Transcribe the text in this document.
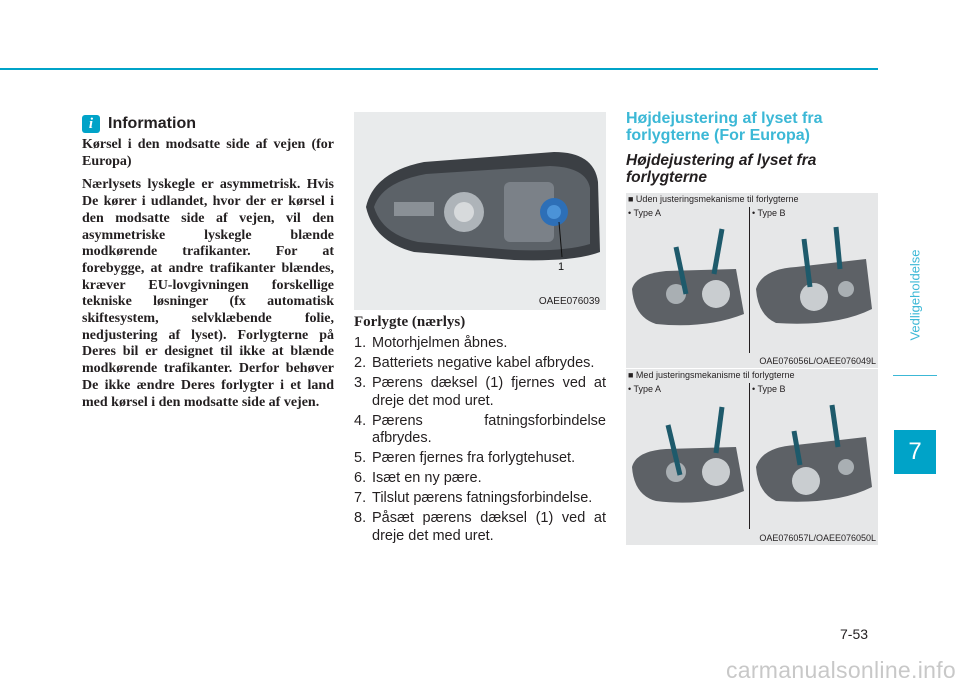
i Information

Kørsel i den modsatte side af vejen (for Europa)

Nærlysets lyskegle er asymmetrisk. Hvis De kører i udlandet, hvor der er kørsel i den modsatte side af vejen, vil den asymmetriske lyskegle blænde modkørende trafikanter. For at forebygge, at andre trafikanter blændes, kræver EU-lovgivningen forskellige tekniske løsninger (fx automatisk skiftesystem, selvklæbende folie, nedjustering af lyset). Forlygterne på Deres bil er designet til ikke at blænde modkørende trafikanter. Derfor behøver De ikke ændre Deres forlygter i et land med kørsel i den modsatte side af vejen.

1
OAEE076039
Forlygte (nærlys)
1. Motorhjelmen åbnes.
2. Batteriets negative kabel afbrydes.
3. Pærens dæksel (1) fjernes ved at dreje det mod uret.
4. Pærens fatningsforbindelse afbrydes.
5. Pæren fjernes fra forlygtehuset.
6. Isæt en ny pære.
7. Tilslut pærens fatningsforbindelse.
8. Påsæt pærens dæksel (1) ved at dreje det med uret.
Højdejustering af lyset fra forlygterne (For Europa)
Højdejustering af lyset fra forlygterne
■ Uden justeringsmekanisme til forlygterne
• Type A	• Type B
OAE076056L/OAEE076049L
■ Med justeringsmekanisme til forlygterne
• Type A	• Type B
OAE076057L/OAEE076050L
Vedligeholdelse
7
7-53
carmanualsonline.info
